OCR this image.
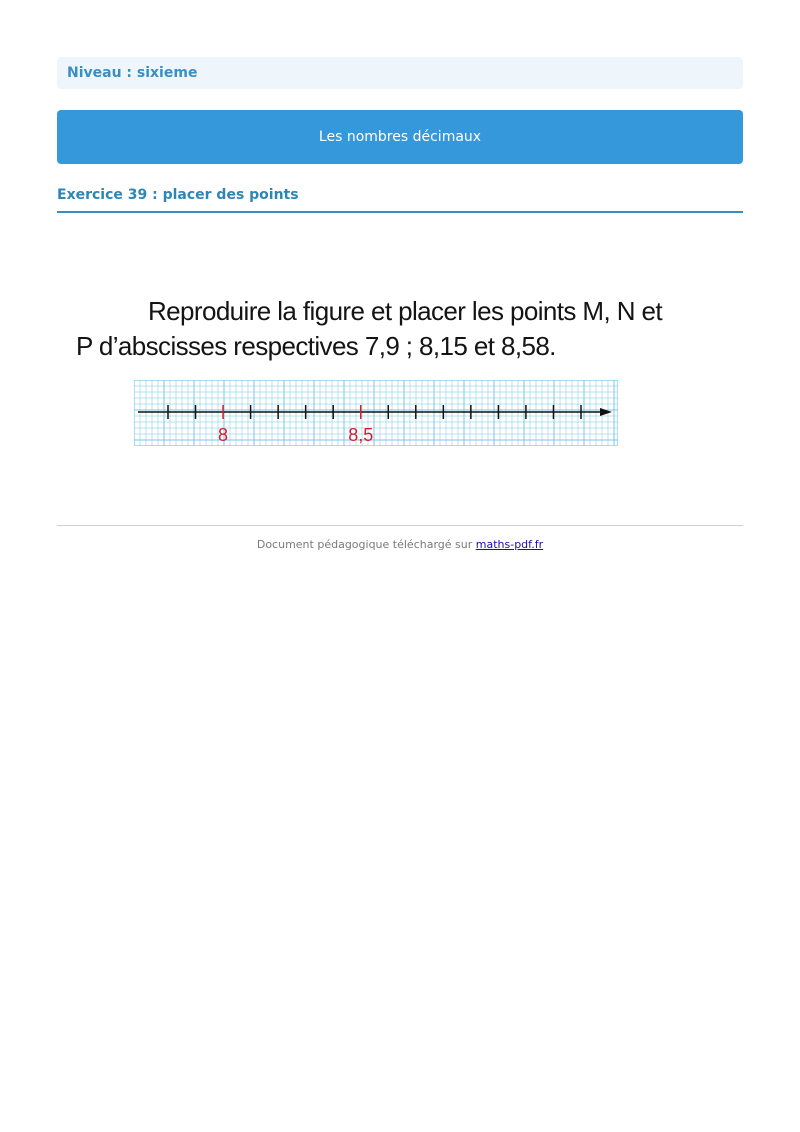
Niveau : sixieme
Les nombres décimaux
Exercice 39 : placer des points
Reproduire la figure et placer les points M, N et
P d’abscisses respectives 7,9 ; 8,15 et 8,58.
8	8,5
Document pédagogique téléchargé sur maths-pdf.fr
